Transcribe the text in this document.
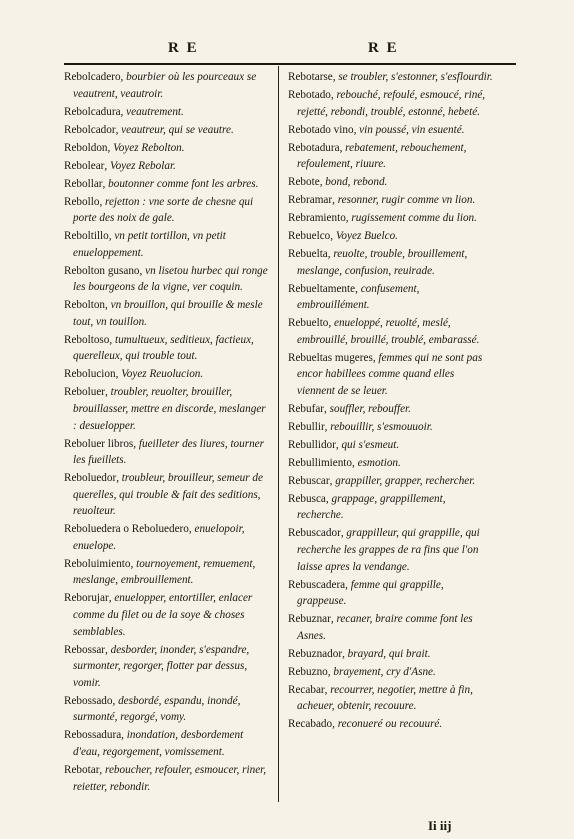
R E	R E
Rebolcadero, bourbier où les pourceaux se veautrent, veautroir.
Rebolcadura, veautrement.
Rebolcador, veautreur, qui se veautre.
Reboldon, Voyez Rebolton.
Rebolear, Voyez Rebolar.
Rebollar, boutonner comme font les arbres.
Rebollo, rejetton : vne sorte de chesne qui porte des noix de gale.
Reboltillo, vn petit tortillon, vn petit enueloppement.
Rebolton gusano, vn lisetou hurbec qui ronge les bourgeons de la vigne, ver coquin.
Rebolton, vn brouillon, qui brouille & mesle tout, vn touillon.
Reboltoso, tumultueux, seditieux, factieux, querelleux, qui trouble tout.
Rebolucion, Voyez Reuolucion.
Reboluer, troubler, reuolter, brouiller, brouillasser, mettre en discorde, meslanger : desuelopper.
Reboluer libros, fueilleter des liures, tourner les fueillets.
Reboluedor, troubleur, brouilleur, semeur de querelles, qui trouble & fait des seditions, reuolteur.
Reboluedera o Reboluedero, enuelopoir, enuelope.
Reboluimiento, tournoyement, remuement, meslange, embrouillement.
Reborujar, enuelopper, entortiller, enlacer comme du filet ou de la soye & choses semblables.
Rebossar, desborder, inonder, s'espandre, surmonter, regorger, flotter par dessus, vomir.
Rebossado, desbordé, espandu, inondé, surmonté, regorgé, vomy.
Rebossadura, inondation, desbordement d'eau, regorgement, vomissement.
Rebotar, reboucher, refouler, esmoucer, riner, reietter, rebondir.
Rebotarse, se troubler, s'estonner, s'esflourdir.
Rebotado, rebouché, refoulé, esmoucé, riné, rejetté, rebondi, troublé, estonné, hebeté.
Rebotado vino, vin poussé, vin esuenté.
Rebotadura, rebatement, rebouchement, refoulement, riuure.
Rebote, bond, rebond.
Rebramar, resonner, rugir comme vn lion.
Rebramiento, rugissement comme du lion.
Rebuelco, Voyez Buelco.
Rebuelta, reuolte, trouble, brouillement, meslange, confusion, reuirade.
Rebueltamente, confusement, embrouillément.
Rebuelto, enueloppé, reuolté, meslé, embrouillé, brouillé, troublé, embarassé.
Rebueltas mugeres, femmes qui ne sont pas encor habillees comme quand elles viennent de se leuer.
Rebufar, souffler, rebouffer.
Rebullir, rebouillir, s'esmouuoir.
Rebullidor, qui s'esmeut.
Rebullimiento, esmotion.
Rebuscar, grappiller, grapper, rechercher.
Rebusca, grappage, grappillement, recherche.
Rebuscador, grappilleur, qui grappille, qui recherche les grappes de ra fins que l'on laisse apres la vendange.
Rebuscadera, femme qui grappille, grappeuse.
Rebuznar, recaner, braire comme font les Asnes.
Rebuznador, brayard, qui brait.
Rebuzno, brayement, cry d'Asne.
Recabar, recourrer, negotier, mettre à fin, acheuer, obtenir, recouure.
Recabado, reconueré ou recouuré.
Ii iij
